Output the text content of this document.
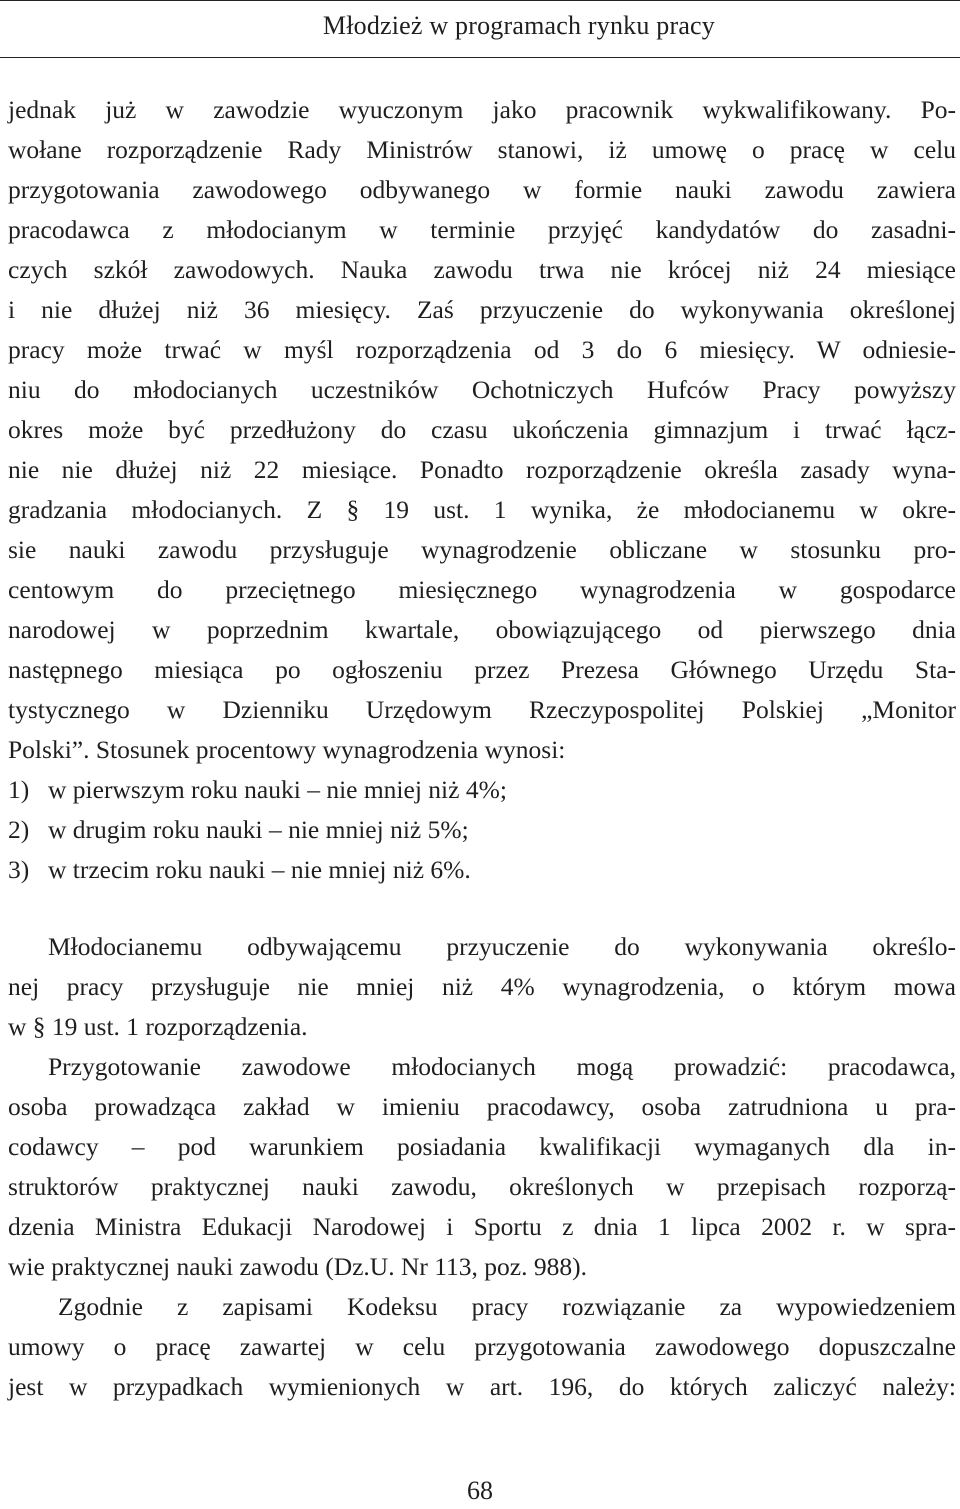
Młodzież w programach rynku pracy
jednak już w zawodzie wyuczonym jako pracownik wykwalifikowany. Po-
wołane rozporządzenie Rady Ministrów stanowi, iż umowę o pracę w celu
przygotowania zawodowego odbywanego w formie nauki zawodu zawiera
pracodawca z młodocianym w terminie przyjęć kandydatów do zasadni-
czych szkół zawodowych. Nauka zawodu trwa nie krócej niż 24 miesiące
i nie dłużej niż 36 miesięcy. Zaś przyuczenie do wykonywania określonej
pracy może trwać w myśl rozporządzenia od 3 do 6 miesięcy. W odniesie-
niu do młodocianych uczestników Ochotniczych Hufców Pracy powyższy
okres może być przedłużony do czasu ukończenia gimnazjum i trwać łącz-
nie nie dłużej niż 22 miesiące. Ponadto rozporządzenie określa zasady wyna-
gradzania młodocianych. Z § 19 ust. 1 wynika, że młodocianemu w okre-
sie nauki zawodu przysługuje wynagrodzenie obliczane w stosunku pro-
centowym do przeciętnego miesięcznego wynagrodzenia w gospodarce
narodowej w poprzednim kwartale, obowiązującego od pierwszego dnia
następnego miesiąca po ogłoszeniu przez Prezesa Głównego Urzędu Sta-
tystycznego w Dzienniku Urzędowym Rzeczypospolitej Polskiej „Monitor
Polski”. Stosunek procentowy wynagrodzenia wynosi:
1) w pierwszym roku nauki – nie mniej niż 4%;
2) w drugim roku nauki – nie mniej niż 5%;
3) w trzecim roku nauki – nie mniej niż 6%.
Młodocianemu odbywającemu przyuczenie do wykonywania określo-
nej pracy przysługuje nie mniej niż 4% wynagrodzenia, o którym mowa
w § 19 ust. 1 rozporządzenia.
Przygotowanie zawodowe młodocianych mogą prowadzić: pracodawca,
osoba prowadząca zakład w imieniu pracodawcy, osoba zatrudniona u pra-
codawcy – pod warunkiem posiadania kwalifikacji wymaganych dla in-
struktorów praktycznej nauki zawodu, określonych w przepisach rozporzą-
dzenia Ministra Edukacji Narodowej i Sportu z dnia 1 lipca 2002 r. w spra-
wie praktycznej nauki zawodu (Dz.U. Nr 113, poz. 988).
Zgodnie z zapisami Kodeksu pracy rozwiązanie za wypowiedzeniem
umowy o pracę zawartej w celu przygotowania zawodowego dopuszczalne
jest w przypadkach wymienionych w art. 196, do których zaliczyć należy:
68
